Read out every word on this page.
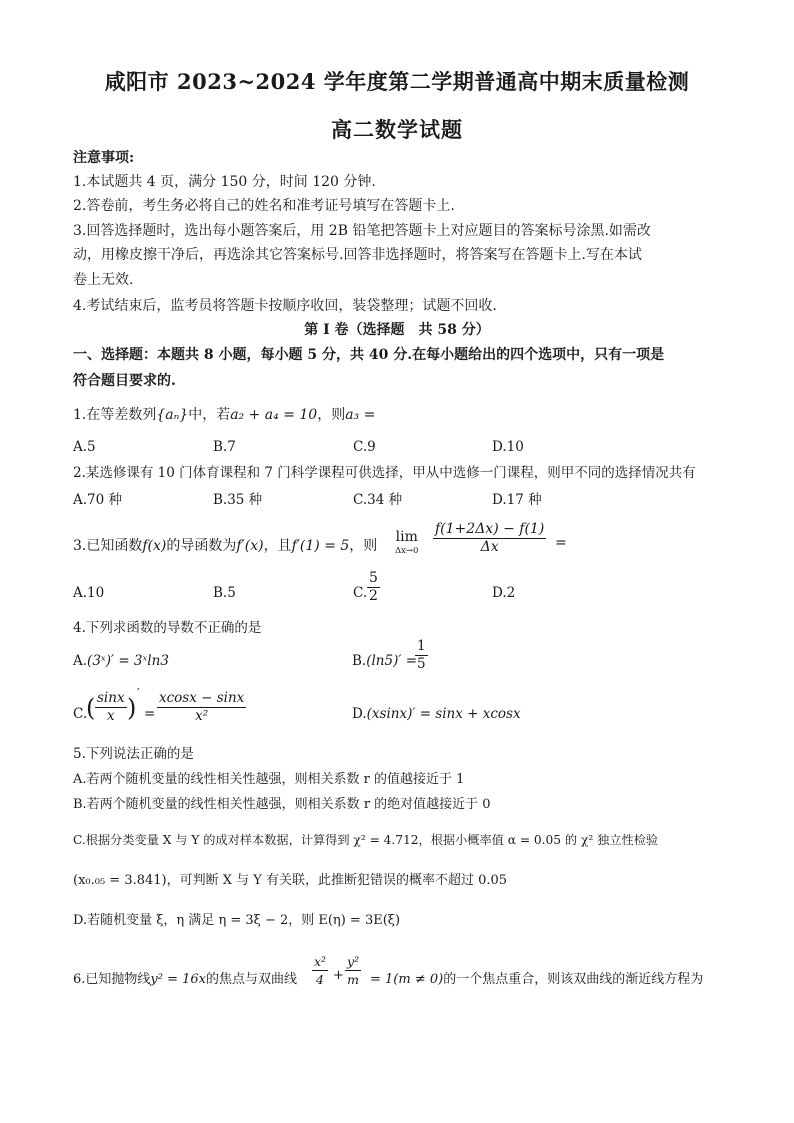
咸阳市 2023~2024 学年度第二学期普通高中期末质量检测
高二数学试题
注意事项:
1.本试题共 4 页，满分 150 分，时间 120 分钟.
2.答卷前，考生务必将自己的姓名和准考证号填写在答题卡上.
3.回答选择题时，选出每小题答案后，用 2B 铅笔把答题卡上对应题目的答案标号涂黑.如需改
动，用橡皮擦干净后，再选涂其它答案标号.回答非选择题时，将答案写在答题卡上.写在本试
卷上无效.
4.考试结束后，监考员将答题卡按顺序收回，装袋整理；试题不回收.
第 I 卷（选择题　共 58 分）
一、选择题：本题共 8 小题，每小题 5 分，共 40 分.在每小题给出的四个选项中，只有一项是
符合题目要求的.
1.在等差数列{aₙ}中，若a₂ + a₄ = 10，则a₃ =
A.5	B.7	C.9	D.10
2.某选修课有 10 门体育课程和 7 门科学课程可供选择，甲从中选修一门课程，则甲不同的选择情况共有
A.70 种	B.35 种	C.34 种	D.17 种
3.已知函数f(x)的导函数为f′(x)，且f′(1) = 5，则
lim
$\Delta x\to 0 \frac{f(1+2\Delta x) - f(1)}{\Delta x}$ =
A.10	B.5	C.	D.2
$\frac{5}{2}$
4.下列求函数的导数不正确的是
A.(3ˣ)′ = 3ˣln3	B.(ln5)′ =
$\frac{1}{5}$
C.
( $\frac{\sin x}{x}$ )
′
= $\frac{xcosx - \sin x}{\text{x²}}$	D.(xsinx)′ = sinx + xcosx
5.下列说法正确的是
A.若两个随机变量的线性相关性越强，则相关系数 r 的值越接近于 1
B.若两个随机变量的线性相关性越强，则相关系数 r 的绝对值越接近于 0
C.根据分类变量 X 与 Y 的成对样本数据，计算得到 χ² = 4.712，根据小概率值 α = 0.05 的 χ² 独立性检验
(x₀.₀₅ = 3.841)，可判断 X 与 Y 有关联，此推断犯错误的概率不超过 0.05
D.若随机变量 ξ，η 满足 η = 3ξ − 2，则 E(η) = 3E(ξ)
6.已知抛物线y² = 16x的焦点与双曲线 $\frac{\text{x²}}{4} + \frac{\text{y²}}{m} = 1(m \ne 0)$的一个焦点重合，则该双曲线的渐近线方程为
